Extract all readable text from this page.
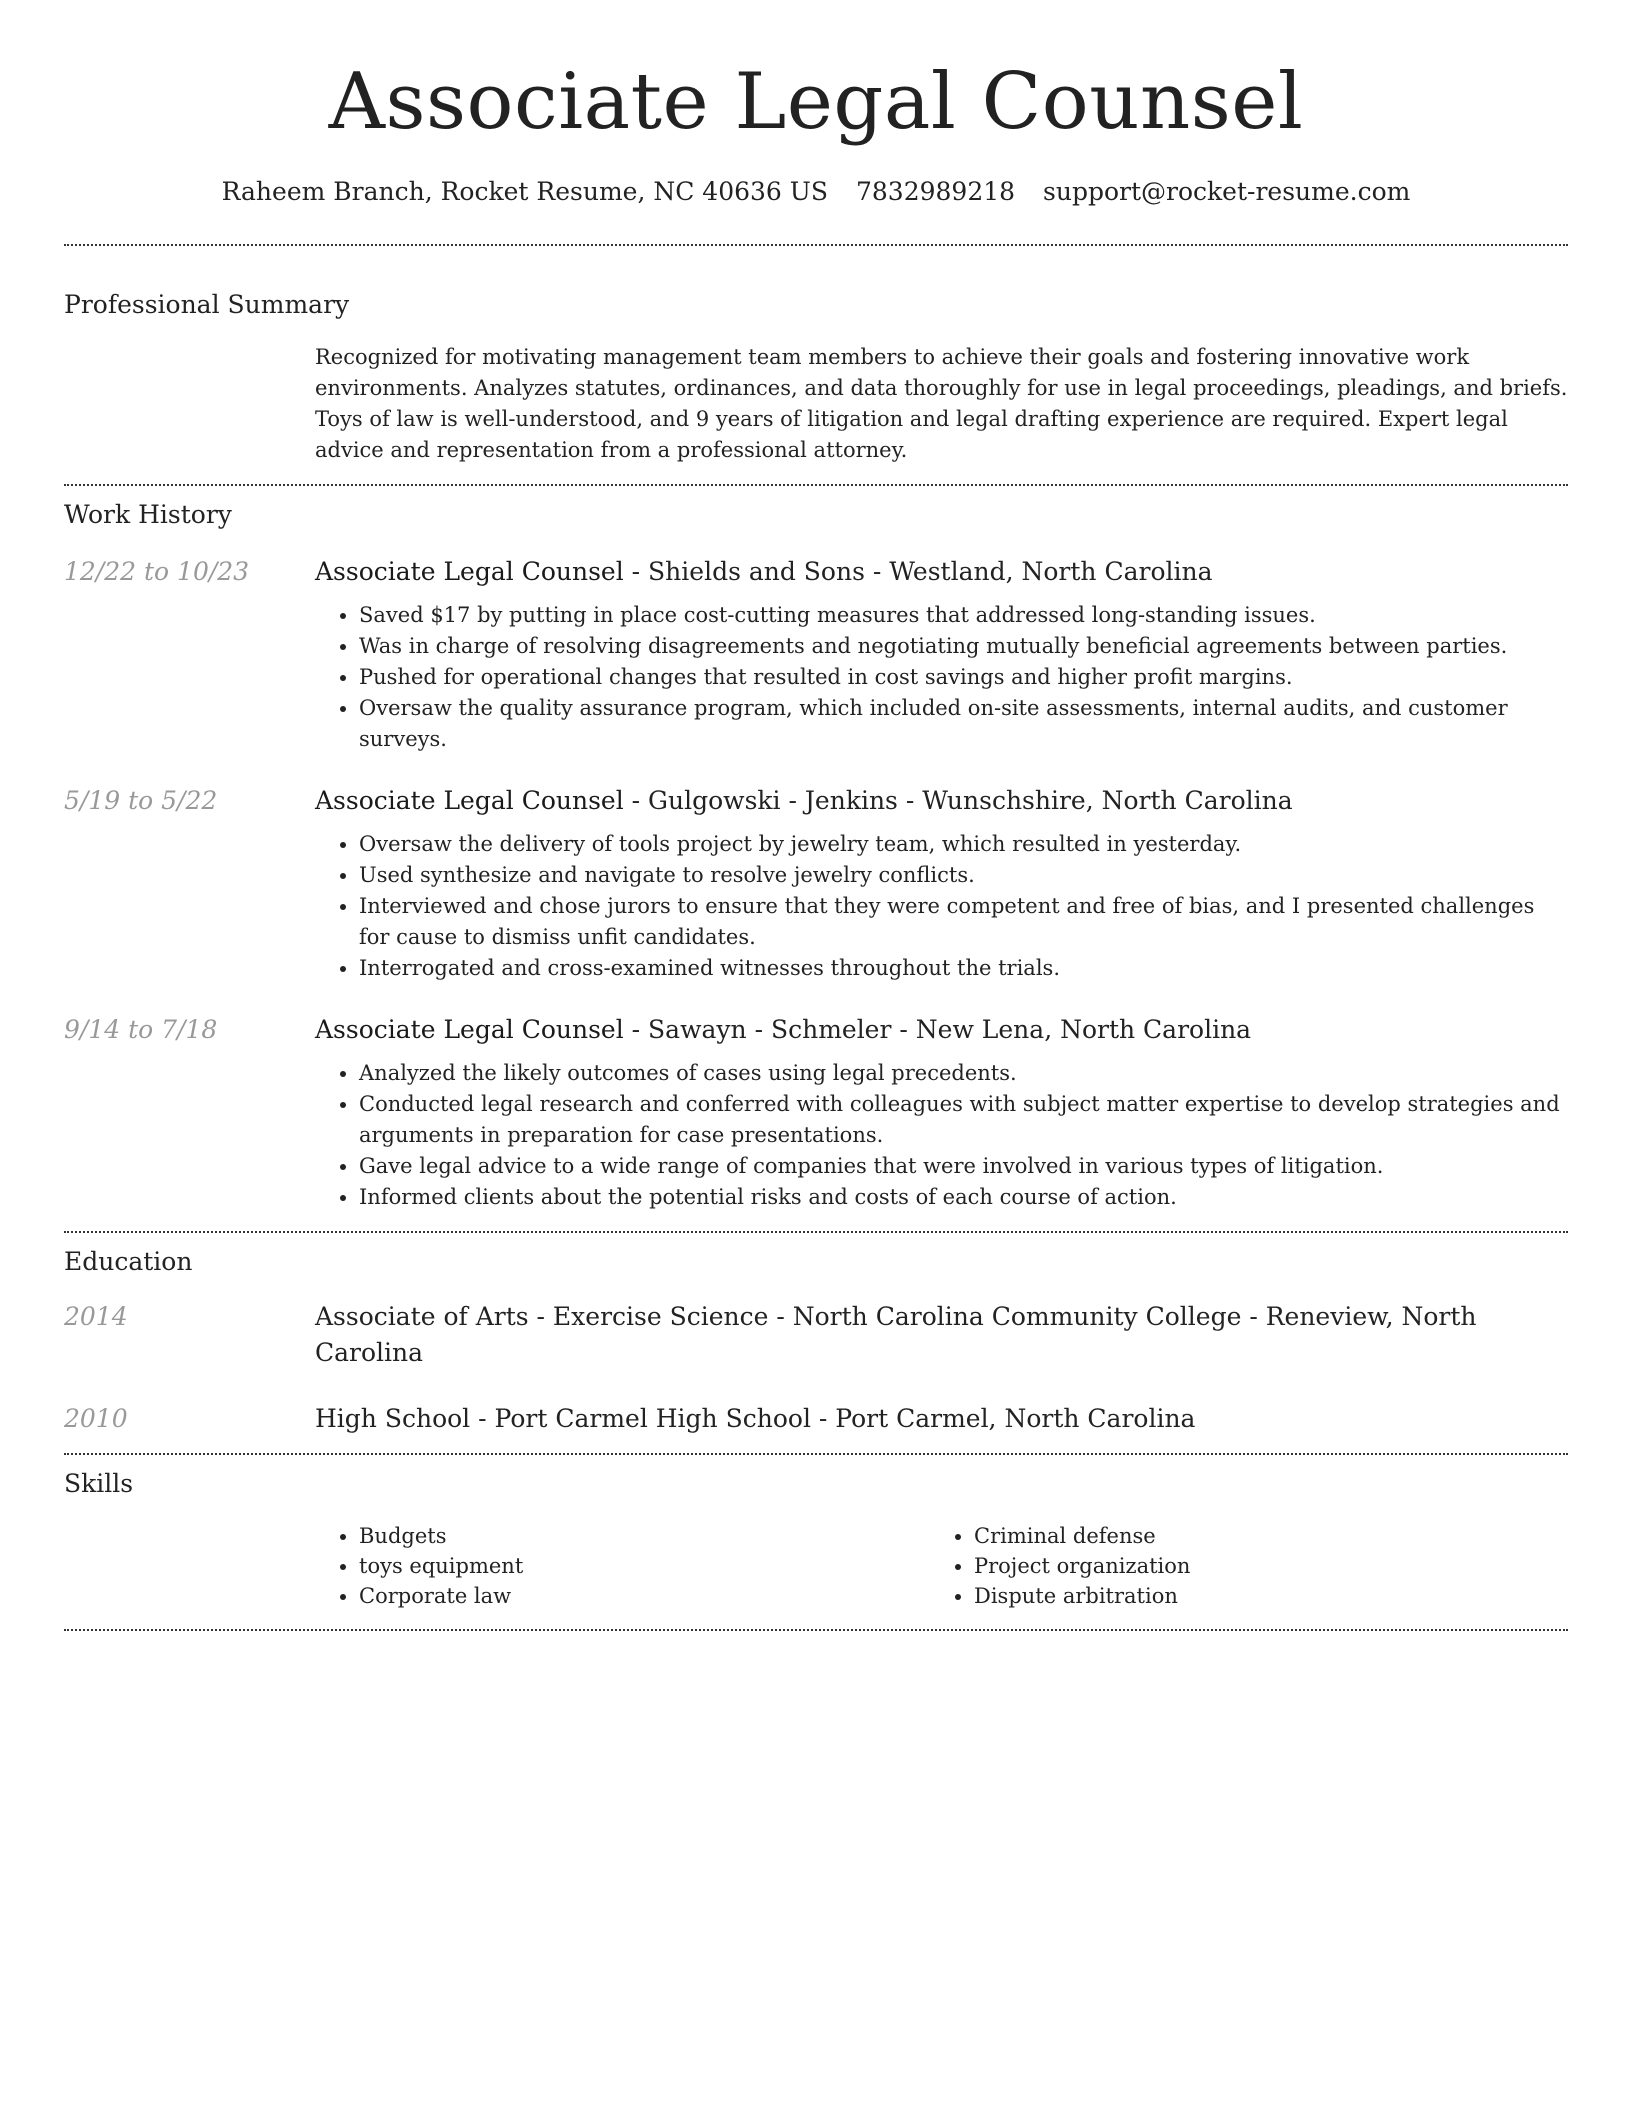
Associate Legal Counsel
Raheem Branch, Rocket Resume, NC 40636 US 7832989218 support@rocket-resume.com
Professional Summary
Recognized for motivating management team members to achieve their goals and fostering innovative work environments. Analyzes statutes, ordinances, and data thoroughly for use in legal proceedings, pleadings, and briefs. Toys of law is well-understood, and 9 years of litigation and legal drafting experience are required. Expert legal advice and representation from a professional attorney.
Work History
12/22 to 10/23	Associate Legal Counsel - Shields and Sons - Westland, North Carolina
• Saved $17 by putting in place cost-cutting measures that addressed long-standing issues.
• Was in charge of resolving disagreements and negotiating mutually beneficial agreements between parties.
• Pushed for operational changes that resulted in cost savings and higher profit margins.
• Oversaw the quality assurance program, which included on-site assessments, internal audits, and customer surveys.
5/19 to 5/22	Associate Legal Counsel - Gulgowski - Jenkins - Wunschshire, North Carolina
• Oversaw the delivery of tools project by jewelry team, which resulted in yesterday.
• Used synthesize and navigate to resolve jewelry conflicts.
• Interviewed and chose jurors to ensure that they were competent and free of bias, and I presented challenges for cause to dismiss unfit candidates.
• Interrogated and cross-examined witnesses throughout the trials.
9/14 to 7/18	Associate Legal Counsel - Sawayn - Schmeler - New Lena, North Carolina
• Analyzed the likely outcomes of cases using legal precedents.
• Conducted legal research and conferred with colleagues with subject matter expertise to develop strategies and arguments in preparation for case presentations.
• Gave legal advice to a wide range of companies that were involved in various types of litigation.
• Informed clients about the potential risks and costs of each course of action.
Education
2014	Associate of Arts - Exercise Science - North Carolina Community College - Reneview, North Carolina
2010	High School - Port Carmel High School - Port Carmel, North Carolina
Skills
• Budgets
• toys equipment
• Corporate law
• Criminal defense
• Project organization
• Dispute arbitration
